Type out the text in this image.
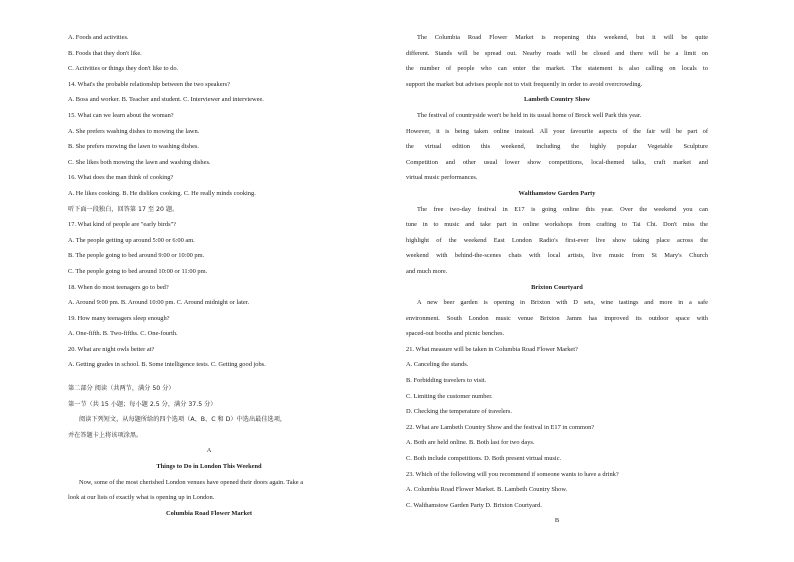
A. Foods and activities.
B. Foods that they don't like.
C. Activities or things they don't like to do.
14. What's the probable relationship between the two speakers?
A. Boss and worker. B. Teacher and student. C. Interviewer and interviewee.
15. What can we learn about the woman?
A. She prefers washing dishes to mowing the lawn.
B. She prefers mowing the lawn to washing dishes.
C. She likes both mowing the lawn and washing dishes.
16. What does the man think of cooking?
A. He likes cooking. B. He dislikes cooking. C. He really minds cooking.
听下面一段独白，回答第 17 至 20 题。
17. What kind of people are "early birds"?
A. The people getting up around 5:00 or 6:00 am.
B. The people going to bed around 9:00 or 10:00 pm.
C. The people going to bed around 10:00 or 11:00 pm.
18. When do most teenagers go to bed?
A. Around 9:00 pm. B. Around 10:00 pm. C. Around midnight or later.
19. How many teenagers sleep enough?
A. One-fifth. B. Two-fifths. C. One-fourth.
20. What are night owls better at?
A. Getting grades in school. B. Some intelligence tests. C. Getting good jobs.
第二部分 阅读（共两节，满分 50 分）
第一节（共 15 小题；每小题 2.5 分，满分 37.5 分）
阅读下列短文，从每题所给的四个选项（A、B、C 和 D）中选出最佳选项，
并在答题卡上将该项涂黑。
A
Things to Do in London This Weekend
Now, some of the most cherished London venues have opened their doors again. Take a
look at our lists of exactly what is opening up in London.
Columbia Road Flower Market
The Columbia Road Flower Market is reopening this weekend, but it will be quite
different. Stands will be spread out. Nearby roads will be closed and there will be a limit on
the number of people who can enter the market. The statement is also calling on locals to
support the market but advises people not to visit frequently in order to avoid overcrowding.
Lambeth Country Show
The festival of countryside won't be held in its usual home of Brock well Park this year.
However, it is being taken online instead. All your favourite aspects of the fair will be part of
the virtual edition this weekend, including the highly popular Vegetable Sculpture
Competition and other usual lower show competitions, local-themed talks, craft market and
virtual music performances.
Walthamstow Garden Party
The free two-day festival in E17 is going online this year. Over the weekend you can
tune in to music and take part in online workshops from crafting to Tai Chi. Don't miss the
highlight of the weekend East London Radio's first-ever live show taking place across the
weekend with behind-the-scenes chats with local artists, live music from St Mary's Church
and much more.
Brixton Courtyard
A new beer garden is opening in Brixton with D sets, wine tastings and more in a safe
environment. South London music venue Brixton Jamm has improved its outdoor space with
spaced-out booths and picnic benches.
21. What measure will be taken in Columbia Road Flower Market?
A. Canceling the stands.
B. Forbidding travelers to visit.
C. Limiting the customer number.
D. Checking the temperature of travelers.
22. What are Lambeth Country Show and the festival in E17 in common?
A. Both are held online. B. Both last for two days.
C. Both include competitions. D. Both present virtual music.
23. Which of the following will you recommend if someone wants to have a drink?
A. Columbia Road Flower Market. B. Lambeth Country Show.
C. Walthamstow Garden Party D. Brixton Courtyard.
B
